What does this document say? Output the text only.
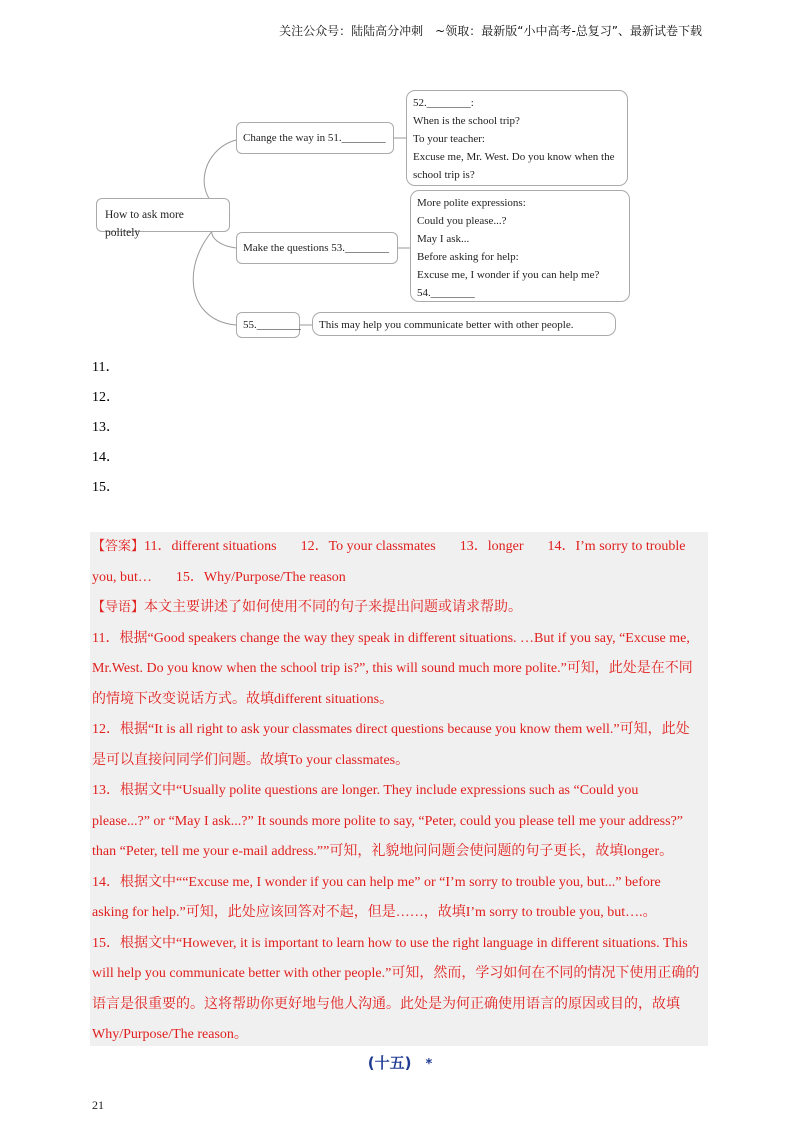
关注公众号：陆陆高分冲刺 ~领取：最新版“小中高考-总复习”、最新试卷下载
How to ask more politely
Change the way in 51.________
Make the questions 53.________
55.________
52.________:
When is the school trip?
To your teacher:
Excuse me, Mr. West. Do you know when the
school trip is?
More polite expressions:
Could you please...?
May I ask...
Before asking for help:
Excuse me, I wonder if you can help me?
54.________
This may help you communicate better with other people.
11．
12．
13．
14．
15．

【答案】11．different situations 12．To your classmates 13．longer 14．I’m sorry to trouble

you, but… 15．Why/Purpose/The reason

【导语】本文主要讲述了如何使用不同的句子来提出问题或请求帮助。

11．根据“Good speakers change the way they speak in different situations. …But if you say, “Excuse me,

Mr.West. Do you know when the school trip is?”, this will sound much more polite.”可知，此处是在不同

的情境下改变说话方式。故填different situations。

12．根据“It is all right to ask your classmates direct questions because you know them well.”可知，此处

是可以直接问同学们问题。故填To your classmates。

13．根据文中“Usually polite questions are longer. They include expressions such as “Could you

please...?” or “May I ask...?” It sounds more polite to say, “Peter, could you please tell me your address?”

than “Peter, tell me your e-mail address.””可知，礼貌地问问题会使问题的句子更长，故填longer。

14．根据文中““Excuse me, I wonder if you can help me” or “I’m sorry to trouble you, but...” before

asking for help.”可知，此处应该回答对不起，但是……，故填I’m sorry to trouble you, but….。

15．根据文中“However, it is important to learn how to use the right language in different situations. This

will help you communicate better with other people.”可知，然而，学习如何在不同的情况下使用正确的

语言是很重要的。这将帮助你更好地与他人沟通。此处是为何正确使用语言的原因或目的，故填

Why/Purpose/The reason。

(十五) *
21
